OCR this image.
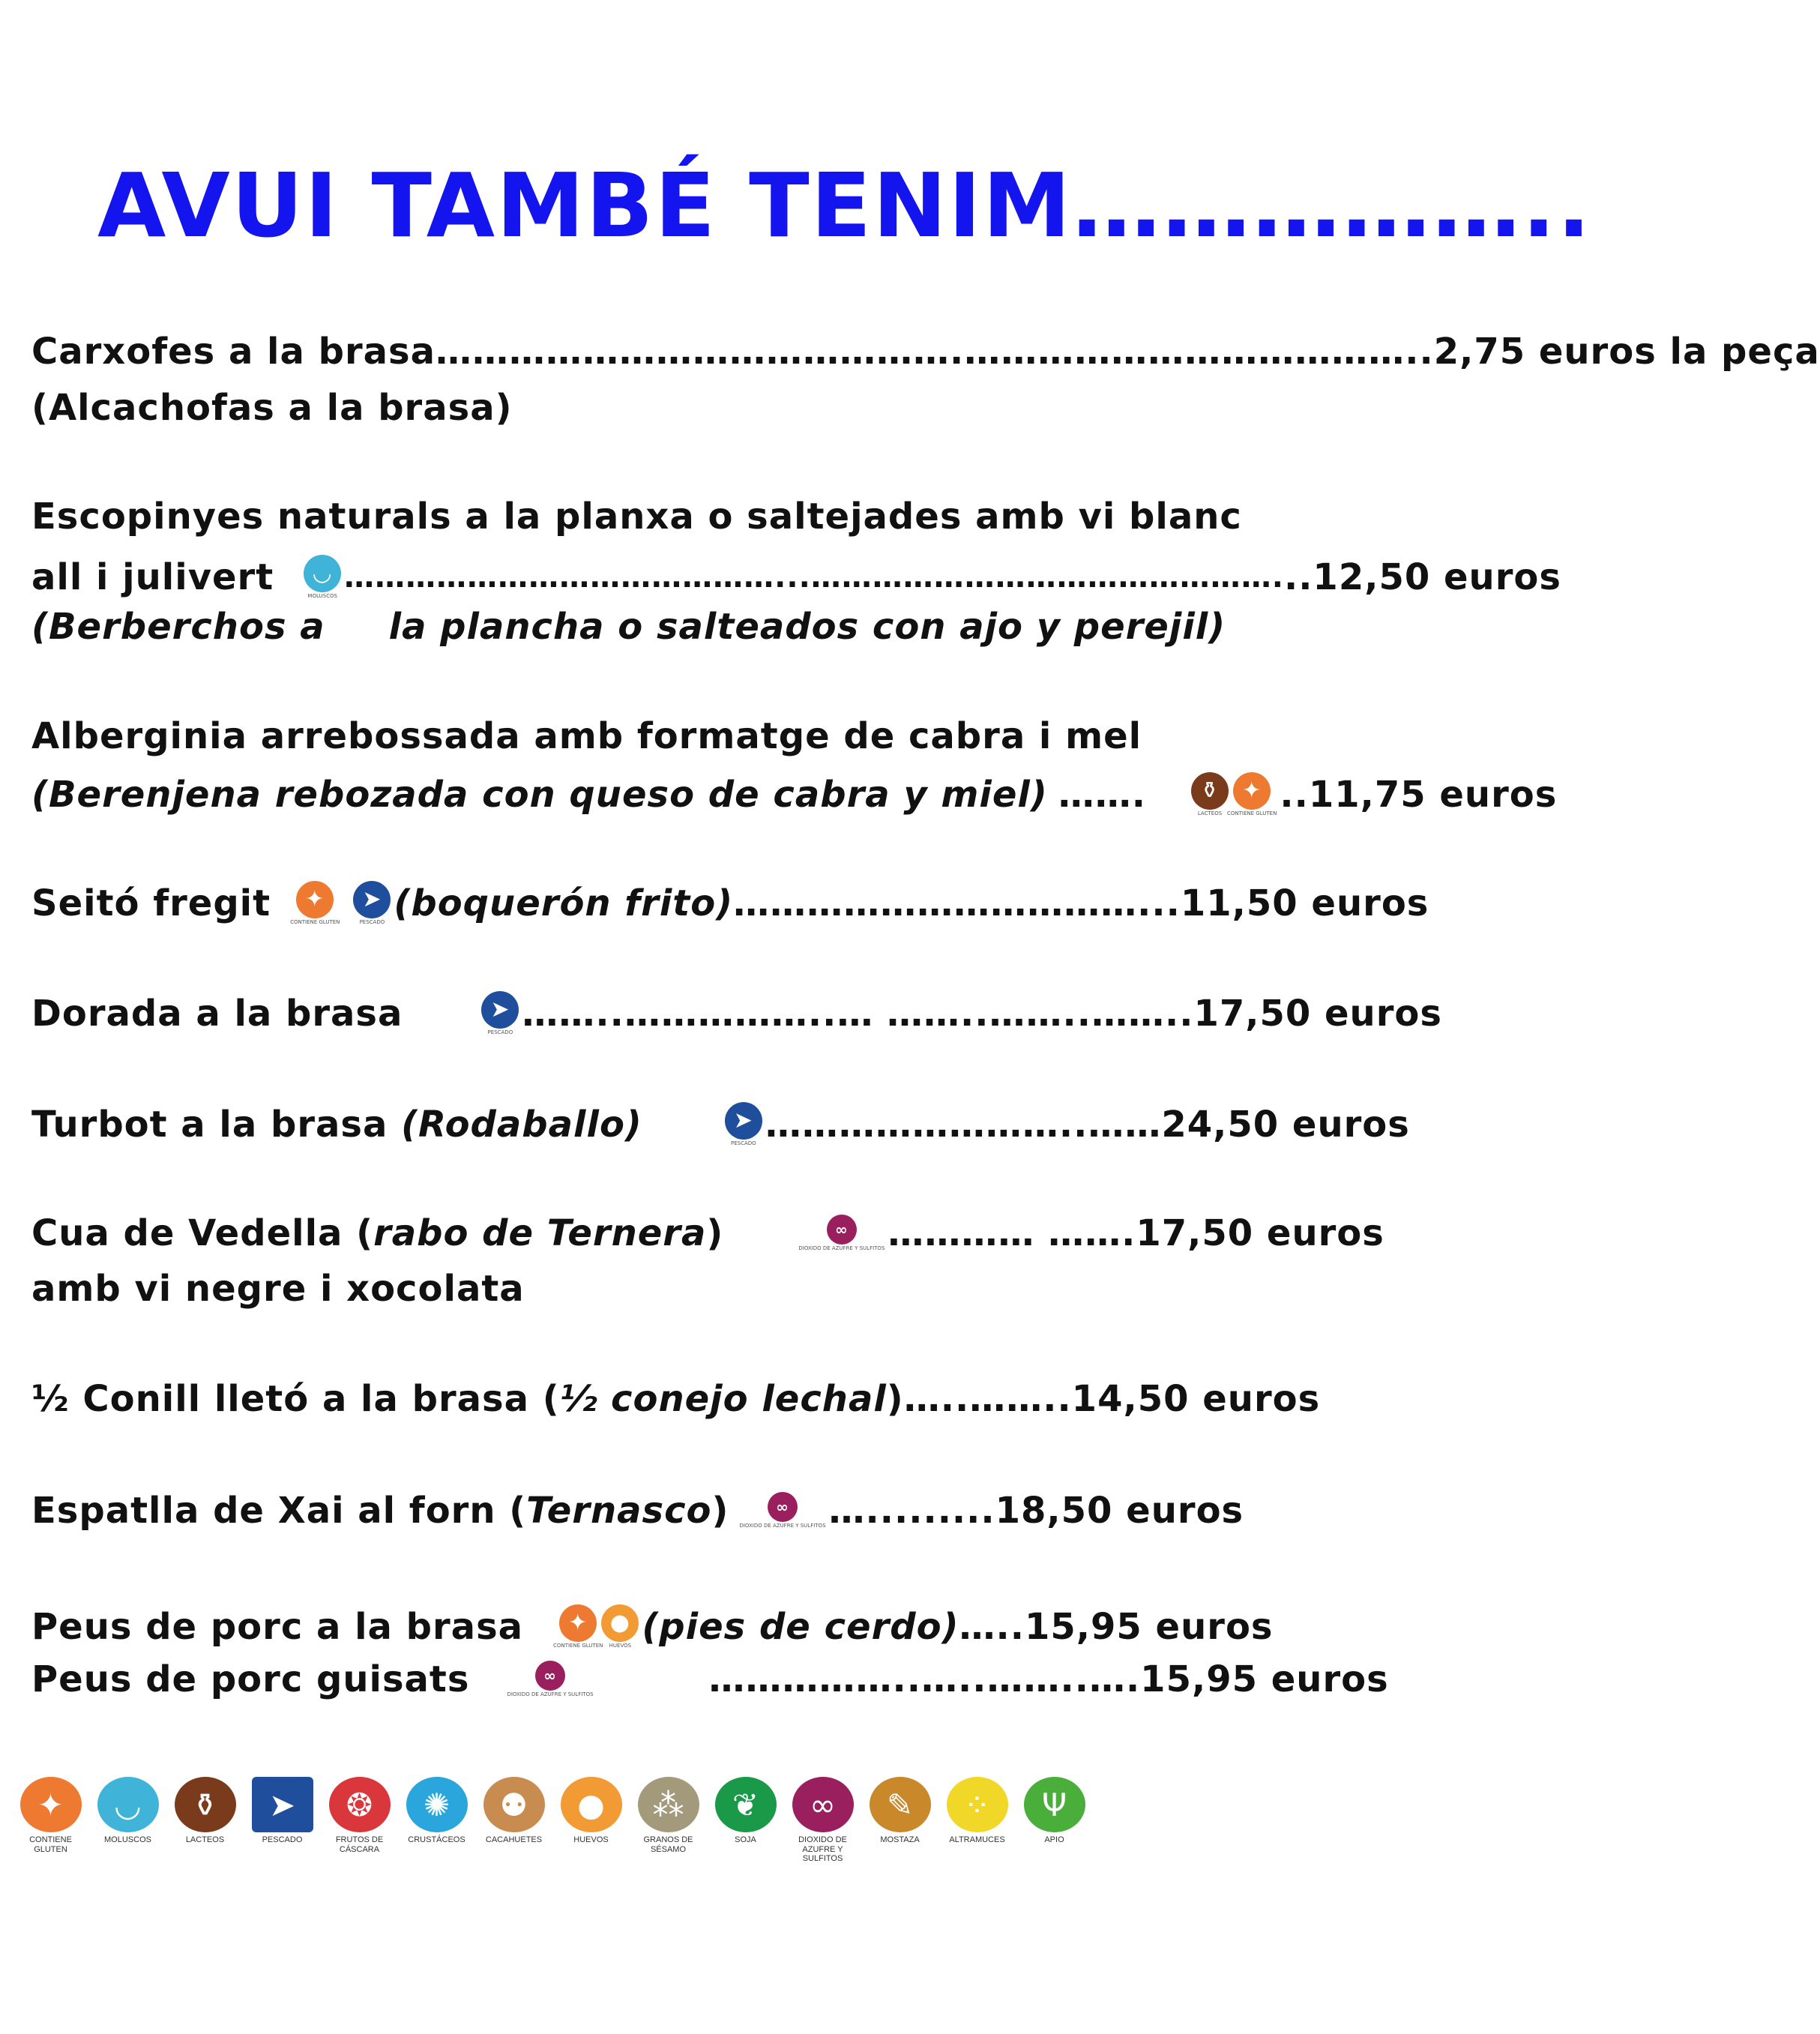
AVUI TAMBÉ TENIM……………..
Carxofes a la brasa …………………………………….……………………………….. 2,75 euros la peça
(Alcachofas a la brasa)
Escopinyes naturals a la planxa o saltejades amb vi blanc
all i julivert	◡
MOLUSCOS
……………………………………...………………………………………. ..12,50 euros
(Berberchos a la plancha o salteados con ajo y perejil)
Alberginia arrebossada amb formatge de cabra i mel
(Berenjena rebozada con queso de cabra y miel) …….	⚱
LACTEOS
✦
CONTIENE GLUTEN ..11,75 euros
Seitó fregit	✦
CONTIENE GLUTEN
➤
PESCADO (boquerón frito) ……………………………... 11,50 euros
Dorada a la brasa	➤
PESCADO ……..……………..… ……..……..…….. 17,50 euros
Turbot a la brasa
(Rodaballo)	➤
PESCADO ……………………..…… 24,50 euros
Cua de Vedella ( rabo de Ternera )	∞
DIOXIDO DE AZUFRE Y SULFITOS ………… ……. 17,50 euros
amb vi negre i xocolata
½ Conill lletó a la brasa ( ½ conejo lechal ) …..…….. 14,50 euros
Espatlla de Xai al forn ( Ternasco )	∞
DIOXIDO DE AZUFRE Y SULFITOS …......... 18,50 euros
Peus de porc a la brasa	✦
CONTIENE GLUTEN
●
HUEVOS (pies de cerdo) ….. 15,95 euros
Peus de porc guisats	∞
DIOXIDO DE AZUFRE Y SULFITOS	……………..…..……..…. 15,95 euros
✦
CONTIENE GLUTEN
◡
MOLUSCOS
⚱
LACTEOS
➤
PESCADO
❂
FRUTOS DE CÁSCARA
✺
CRUSTÁCEOS
⚉
CACAHUETES
●
HUEVOS
⁂
GRANOS DE SÉSAMO
❦
SOJA
∞
DIOXIDO DE AZUFRE Y SULFITOS
✎
MOSTAZA
⁘
ALTRAMUCES
Ψ
APIO
